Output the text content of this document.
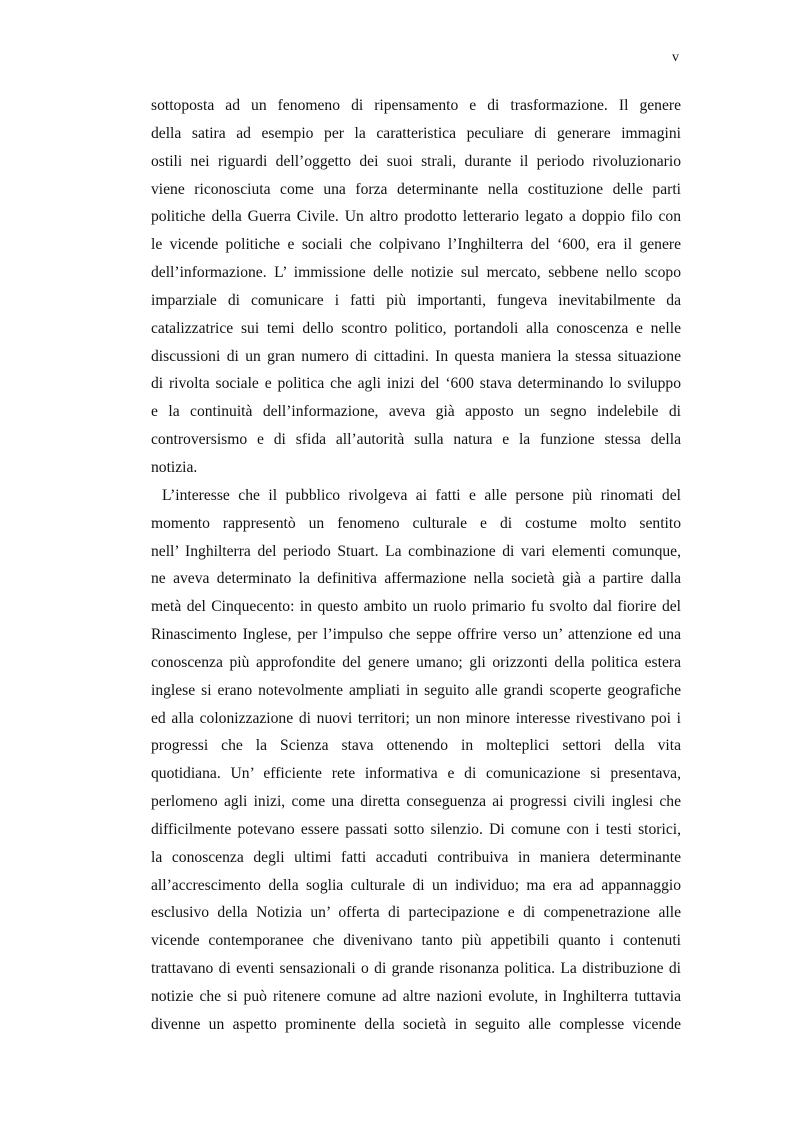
v
sottoposta ad un fenomeno di ripensamento e di trasformazione. Il genere
della satira ad esempio per la caratteristica peculiare di generare immagini
ostili nei riguardi dell’oggetto dei suoi strali, durante il periodo rivoluzionario
viene riconosciuta come una forza determinante nella costituzione delle parti
politiche della Guerra Civile. Un altro prodotto letterario legato a doppio filo con
le vicende politiche e sociali che colpivano l’Inghilterra del ‘600, era il genere
dell’informazione. L’ immissione delle notizie sul mercato, sebbene nello scopo
imparziale di comunicare i fatti più importanti, fungeva inevitabilmente da
catalizzatrice sui temi dello scontro politico, portandoli alla conoscenza e nelle
discussioni di un gran numero di cittadini. In questa maniera la stessa situazione
di rivolta sociale e politica che agli inizi del ‘600 stava determinando lo sviluppo
e la continuità dell’informazione, aveva già apposto un segno indelebile di
controversismo e di sfida all’autorità sulla natura e la funzione stessa della
notizia.
L’interesse che il pubblico rivolgeva ai fatti e alle persone più rinomati del
momento rappresentò un fenomeno culturale e di costume molto sentito
nell’ Inghilterra del periodo Stuart. La combinazione di vari elementi comunque,
ne aveva determinato la definitiva affermazione nella società già a partire dalla
metà del Cinquecento: in questo ambito un ruolo primario fu svolto dal fiorire del
Rinascimento Inglese, per l’impulso che seppe offrire verso un’ attenzione ed una
conoscenza più approfondite del genere umano; gli orizzonti della politica estera
inglese si erano notevolmente ampliati in seguito alle grandi scoperte geografiche
ed alla colonizzazione di nuovi territori; un non minore interesse rivestivano poi i
progressi che la Scienza stava ottenendo in molteplici settori della vita
quotidiana. Un’ efficiente rete informativa e di comunicazione si presentava,
perlomeno agli inizi, come una diretta conseguenza ai progressi civili inglesi che
difficilmente potevano essere passati sotto silenzio. Di comune con i testi storici,
la conoscenza degli ultimi fatti accaduti contribuiva in maniera determinante
all’accrescimento della soglia culturale di un individuo; ma era ad appannaggio
esclusivo della Notizia un’ offerta di partecipazione e di compenetrazione alle
vicende contemporanee che divenivano tanto più appetibili quanto i contenuti
trattavano di eventi sensazionali o di grande risonanza politica. La distribuzione di
notizie che si può ritenere comune ad altre nazioni evolute, in Inghilterra tuttavia
divenne un aspetto prominente della società in seguito alle complesse vicende
